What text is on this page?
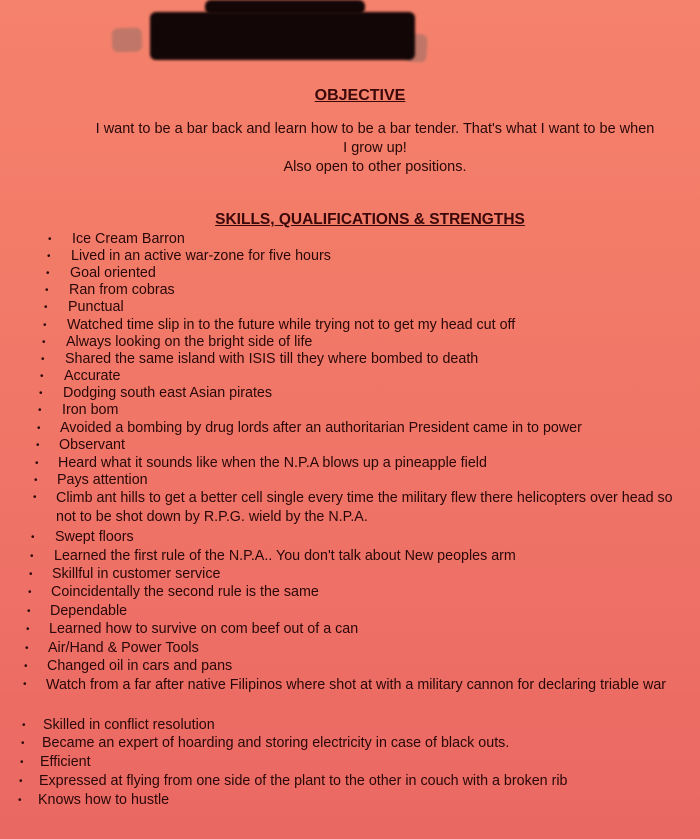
OBJECTIVE
I want to be a bar back and learn how to be a bar tender. That's what I want to be when
I grow up!
Also open to other positions.
SKILLS, QUALIFICATIONS & STRENGTHS
• Ice Cream Barron
• Lived in an active war-zone for five hours
• Goal oriented
• Ran from cobras
• Punctual
• Watched time slip in to the future while trying not to get my head cut off
• Always looking on the bright side of life
• Shared the same island with ISIS till they where bombed to death
• Accurate
• Dodging south east Asian pirates
• Iron bom
• Avoided a bombing by drug lords after an authoritarian President came in to power
• Observant
• Heard what it sounds like when the N.P.A blows up a pineapple field
• Pays attention
• Climb ant hills to get a better cell single every time the military flew there helicopters over head so not to be shot down by R.P.G. wield by the N.P.A.
• Swept floors
• Learned the first rule of the N.P.A.. You don't talk about New peoples arm
• Skillful in customer service
• Coincidentally the second rule is the same
• Dependable
• Learned how to survive on com beef out of a can
• Air/Hand & Power Tools
• Changed oil in cars and pans
• Watch from a far after native Filipinos where shot at with a military cannon for declaring triable war
• Skilled in conflict resolution
• Became an expert of hoarding and storing electricity in case of black outs.
• Efficient
• Expressed at flying from one side of the plant to the other in couch with a broken rib
• Knows how to hustle
